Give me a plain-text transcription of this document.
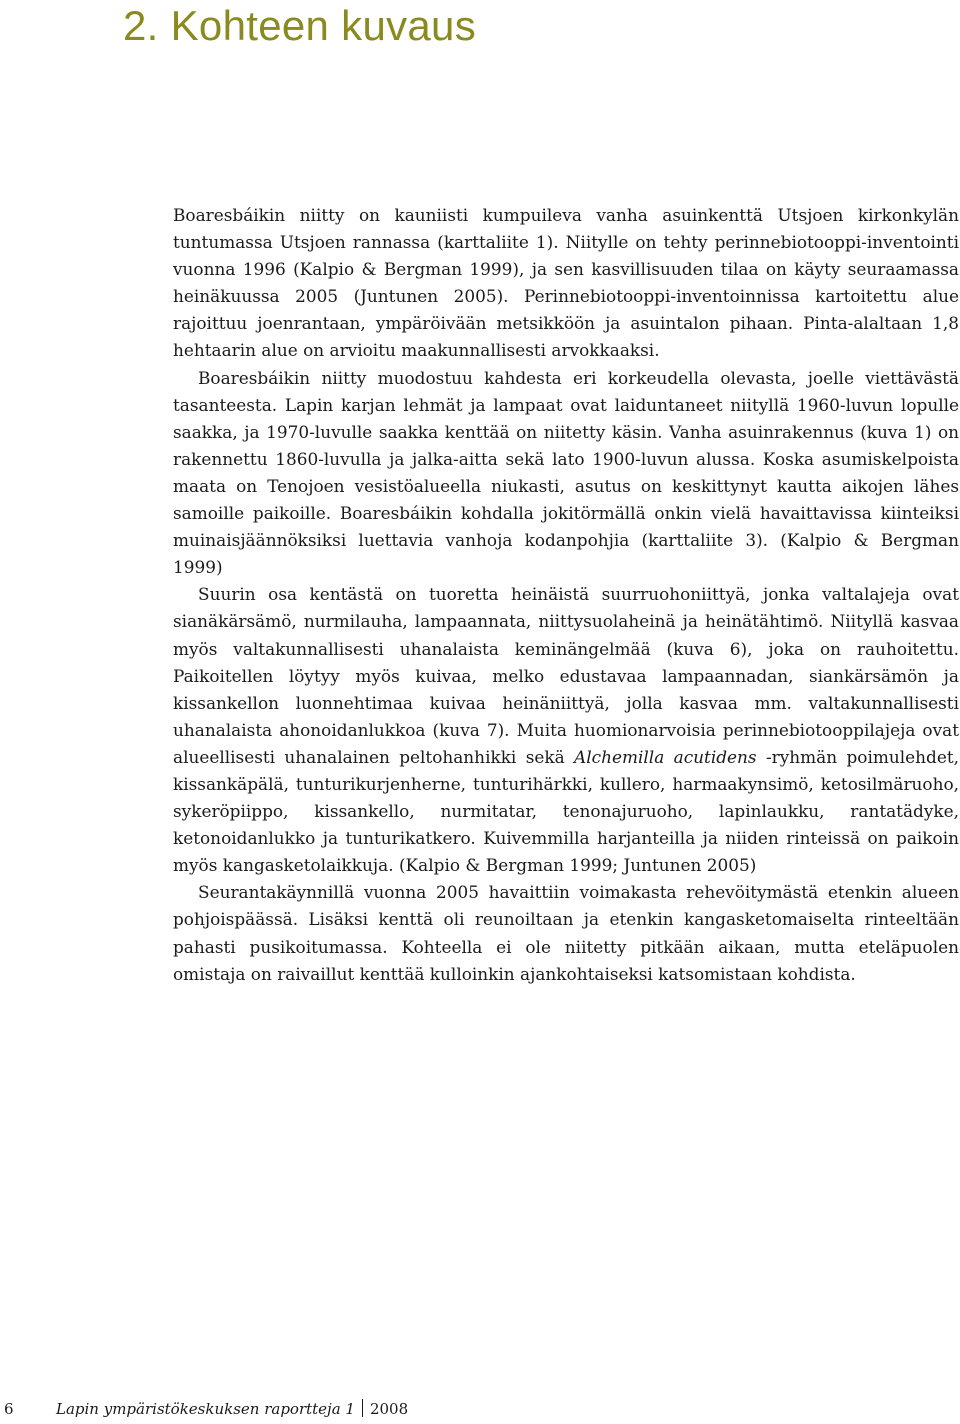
2. Kohteen kuvaus

Boaresbáikin niitty on kauniisti kumpuileva vanha asuinkenttä Utsjoen kirkonkylän tuntumassa Utsjoen rannassa (karttaliite 1). Niitylle on tehty perinnebiotooppi-inventointi vuonna 1996 (Kalpio & Bergman 1999), ja sen kasvillisuuden tilaa on käyty seuraamassa heinäkuussa 2005 (Juntunen 2005). Perinnebiotooppi-inventoinnissa kartoitettu alue rajoittuu joenrantaan, ympäröivään metsikköön ja asuintalon pihaan. Pinta-alaltaan 1,8 hehtaarin alue on arvioitu maakunnallisesti arvokkaaksi.

Boaresbáikin niitty muodostuu kahdesta eri korkeudella olevasta, joelle viettävästä tasanteesta. Lapin karjan lehmät ja lampaat ovat laiduntaneet niityllä 1960-luvun lopulle saakka, ja 1970-luvulle saakka kenttää on niitetty käsin. Vanha asuinrakennus (kuva 1) on rakennettu 1860-luvulla ja jalka-aitta sekä lato 1900-luvun alussa. Koska asumiskelpoista maata on Tenojoen vesistöalueella niukasti, asutus on keskittynyt kautta aikojen lähes samoille paikoille. Boaresbáikin kohdalla jokitörmällä onkin vielä havaittavissa kiinteiksi muinaisjäännöksiksi luettavia vanhoja kodanpohjia (karttaliite 3). (Kalpio & Bergman 1999)

Suurin osa kentästä on tuoretta heinäistä suurruohoniittyä, jonka valtalajeja ovat sianäkärsämö, nurmilauha, lampaannata, niittysuolaheinä ja heinätähtimö. Niityllä kasvaa myös valtakunnallisesti uhanalaista keminängelmää (kuva 6), joka on rauhoitettu. Paikoitellen löytyy myös kuivaa, melko edustavaa lampaannadan, siankärsämön ja kissankellon luonnehtimaa kuivaa heinäniittyä, jolla kasvaa mm. valtakunnallisesti uhanalaista ahonoidanlukkoa (kuva 7). Muita huomionarvoisia perinnebiotooppilajeja ovat alueellisesti uhanalainen peltohanhikki sekä Alchemilla acutidens -ryhmän poimulehdet, kissankäpälä, tunturikurjenherne, tunturihärkki, kullero, harmaakynsimö, ketosilmäruoho, sykeröpiippo, kissankello, nurmitatar, tenonajuruoho, lapinlaukku, rantatädyke, ketonoidanlukko ja tunturikatkero. Kuivemmilla harjanteilla ja niiden rinteissä on paikoin myös kangasketolaikkuja. (Kalpio & Bergman 1999; Juntunen 2005)

Seurantakäynnillä vuonna 2005 havaittiin voimakasta rehevöitymästä etenkin alueen pohjoispäässä. Lisäksi kenttä oli reunoiltaan ja etenkin kangasketomaiselta rinteeltään pahasti pusikoitumassa. Kohteella ei ole niitetty pitkään aikaan, mutta eteläpuolen omistaja on raivaillut kenttää kulloinkin ajankohtaiseksi katsomistaan kohdista.

6	Lapin ympäristökeskuksen raportteja 1 2008
